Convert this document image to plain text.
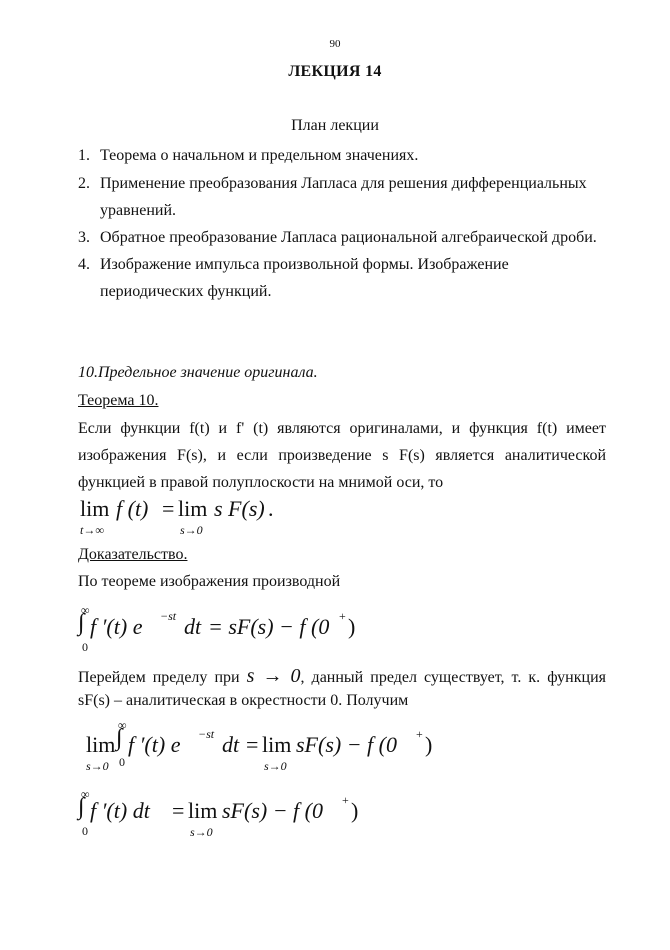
90
ЛЕКЦИЯ 14
План лекции
1. Теорема о начальном и предельном значениях.
2. Применение преобразования Лапласа для решения дифференциальных
уравнений.
3. Обратное преобразование Лапласа рациональной алгебраической дроби.
4. Изображение импульса произвольной формы. Изображение
периодических функций.
10.Предельное значение оригинала.
Теорема 10.
Если функции f(t) и f' (t) являются оригиналами, и функция f(t) имеет
изображения F(s), и если произведение s F(s) является аналитической
функцией в правой полуплоскости на мнимой оси, то
lim
t→∞
f (t) = lim
s→0
s F(s) .
Доказательство.
По теореме изображения производной
∞
∫
0
f ′(t) e −st dt = sF(s) − f (0 + )
Перейдем пределу при s → 0, данный предел существует, т. к. функция
sF(s) – аналитическая в окрестности 0. Получим
lim
s→0
∞
∫
0
f ′(t) e −st dt = lim
s→0
sF(s) − f (0 + )
∞
∫
0
f ′(t) dt = lim
s→0
sF(s) − f (0 + )
